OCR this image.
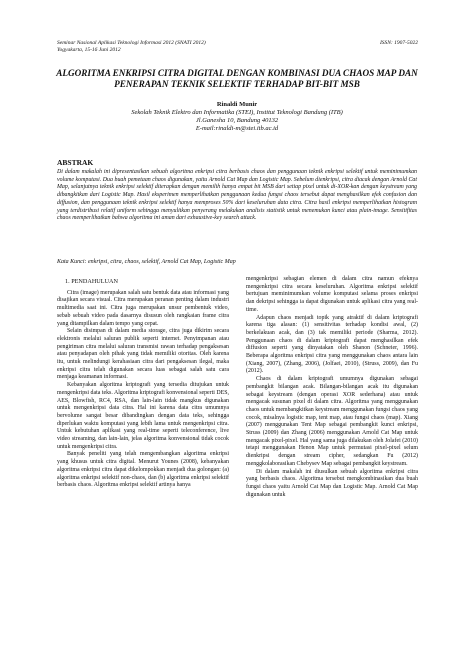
Seminar Nasional Aplikasi Teknologi Informasi 2012 (SNATI 2012)
Yogyakarta, 15-16 Juni 2012
ISSN: 1907-5022
ALGORITMA ENKRIPSI CITRA DIGITAL DENGAN KOMBINASI DUA CHAOS MAP DAN PENERAPAN TEKNIK SELEKTIF TERHADAP BIT-BIT MSB
Rinaldi Munir
Sekolah Teknik Elektro dan Informatika (STEI), Institut Teknologi Bandung (ITB)
Jl.Ganesha 10, Bandung 40132
E-mail:rinaldi-m@stei.itb.ac.id
ABSTRAK
Di dalam makalah ini dipresentasikan sebuah algoritma enkripsi citra berbasis chaos dan penggunaan teknik enkripsi selektif untuk meminimumkan volume komputasi. Dua buah pemetaan chaos digunakan, yaitu Arnold Cat Map dan Logistic Map. Sebelum dienkripsi, citra diacak dengan Arnold Cat Map, selanjutnya teknik enkripsi selektif diterapkan dengan memilih hanya empat bit MSB dari setiap pixel untuk di-XOR-kan dengan keystream yang dibangkitkan dari Logistic Map. Hasil eksperimen memperlihatkan penggunaan kedua fungsi chaos tersebut dapat menghasilkan efek confusion dan diffusion, dan penggunaan teknik enkripsi selektif hanya memproses 50% dari keseluruhan data citra. Citra hasil enkripsi memperlihatkan histogram yang terdistribusi relatif uniform sehingga menyulitkan penyerang melakukan analisis statistik untuk menemukan kunci atau plain-image. Sensitifitas chaos memperlihatkan bahwa algoritma ini aman dari exhaustive-key search attack.
Kata Kunci: enkripsi, citra, chaos, selektif, Arnold Cat Map, Logistic Map
1. PENDAHULUAN

Citra (image) merupakan salah satu bentuk data atau informasi yang disajikan secara visual. Citra merupakan peranan penting dalam industri multimedia saat ini. Citra juga merupakan unsur pembentuk video, sebab sebuah video pada dasarnya disusun oleh rangkaian frame citra yang ditampilkan dalam tempo yang cepat.

Selain disimpan di dalam media storage, citra juga dikirim secara elektronis melalui saluran publik seperti internet. Penyimpanan atau pengiriman citra melalui saluran transmisi rawan terhadap pengaksesan atau penyadapan oleh pihak yang tidak memiliki otoritas. Oleh karena itu, untuk melindungi kerahasiaan citra dari pengaksesan ilegal, maka enkripsi citra telah digunakan secara luas sebagai salah satu cara menjaga keamanan informasi.

Kebanyakan algoritma kriptografi yang tersedia ditujukan untuk mengenkripsi data teks. Algoritma kriptografi konvensional seperti DES, AES, Blowfish, RC4, RSA, dan lain-lain tidak mangkus digunakan untuk mengenkripsi data citra. Hal ini karena data citra umumnya bervolume sangat besar dibandingkan dengan data teks, sehingga diperlukan waktu komputasi yang lebih lama untuk mengenkripsi citra. Untuk kebutuhan aplikasi yang real-time seperti teleconference, live video streaming, dan lain-lain, jelas algoritma konvensional tidak cocok untuk mengenkripsi citra.

Banyak peneliti yang telah mengembangkan algoritma enkripsi yang khusus untuk citra digital. Menurut Younes (2008), kebanyakan algoritma enkripsi citra dapat dikelompokkan menjadi dua golongan: (a) algoritma enkripsi selektif non-chaos, dan (b) algoritma enkripsi selektif berbasis chaos. Algoritma enkripsi selektif artinya hanya

mengenkripsi sebagian elemen di dalam citra namun efeknya mengenkripsi citra secara keseluruhan. Algoritma enkripsi selektif bertujuan meminimumkan volume komputasi selama proses enkripsi dan dekripsi sehingga ia dapat digunakan untuk aplikasi citra yang real-time.

Adapun chaos menjadi topik yang atraktif di dalam kriptografi karena tiga alasan: (1) sensitivitas terhadap kondisi awal, (2) berkelakuan acak, dan (3) tak memiliki periode (Sharma, 2012). Penggunaan chaos di dalam kriptografi dapat menghasilkan efek diffusion seperti yang dinyatakan oleh Shanon (Schneier, 1996). Beberapa algoritma enkripsi citra yang menggunakan chaos antara lain (Xiang, 2007), (Zhang, 2006), (Jolfaei, 2010), (Struss, 2009), dan Fu (2012).

Chaos di dalam kriptografi umumnya digunakan sebagai pembangkit bilangan acak. Bilangan-bilangan acak itu digunakan sebagai keystream (dengan operasi XOR sederhana) atau untuk mengacak susunan pixel di dalam citra. Algoritma yang menggunakan chaos untuk membangkitkan keystream menggunakan fungsi chaos yang cocok, misalnya logistic map, tent map, atau fungsi chaos (map). Xiang (2007) menggunakan Tent Map sebagai pembangkit kunci enkripsi, Struss (2009) dan Zhang (2006) menggunakan Arnold Cat Map untuk mengacak pixel-pixel. Hal yang sama juga dilakukan oleh Jolafei (2010) tetapi menggunakan Henon Map untuk permutasi pixel-pixel selum dienkripsi dengan stream cipher, sedangkan Fu (2012) menggkolaborasikan Chebysev Map sebagai pembangkit keystream.

Di dalam makalah ini diusulkan sebuah algoritma enkripsi citra yang berbasis chaos. Algoritma tersebut mengkombinasikan dua buah fungsi chaos yaitu Arnold Cat Map dan Logistic Map. Arnold Cat Map digunakan untuk
